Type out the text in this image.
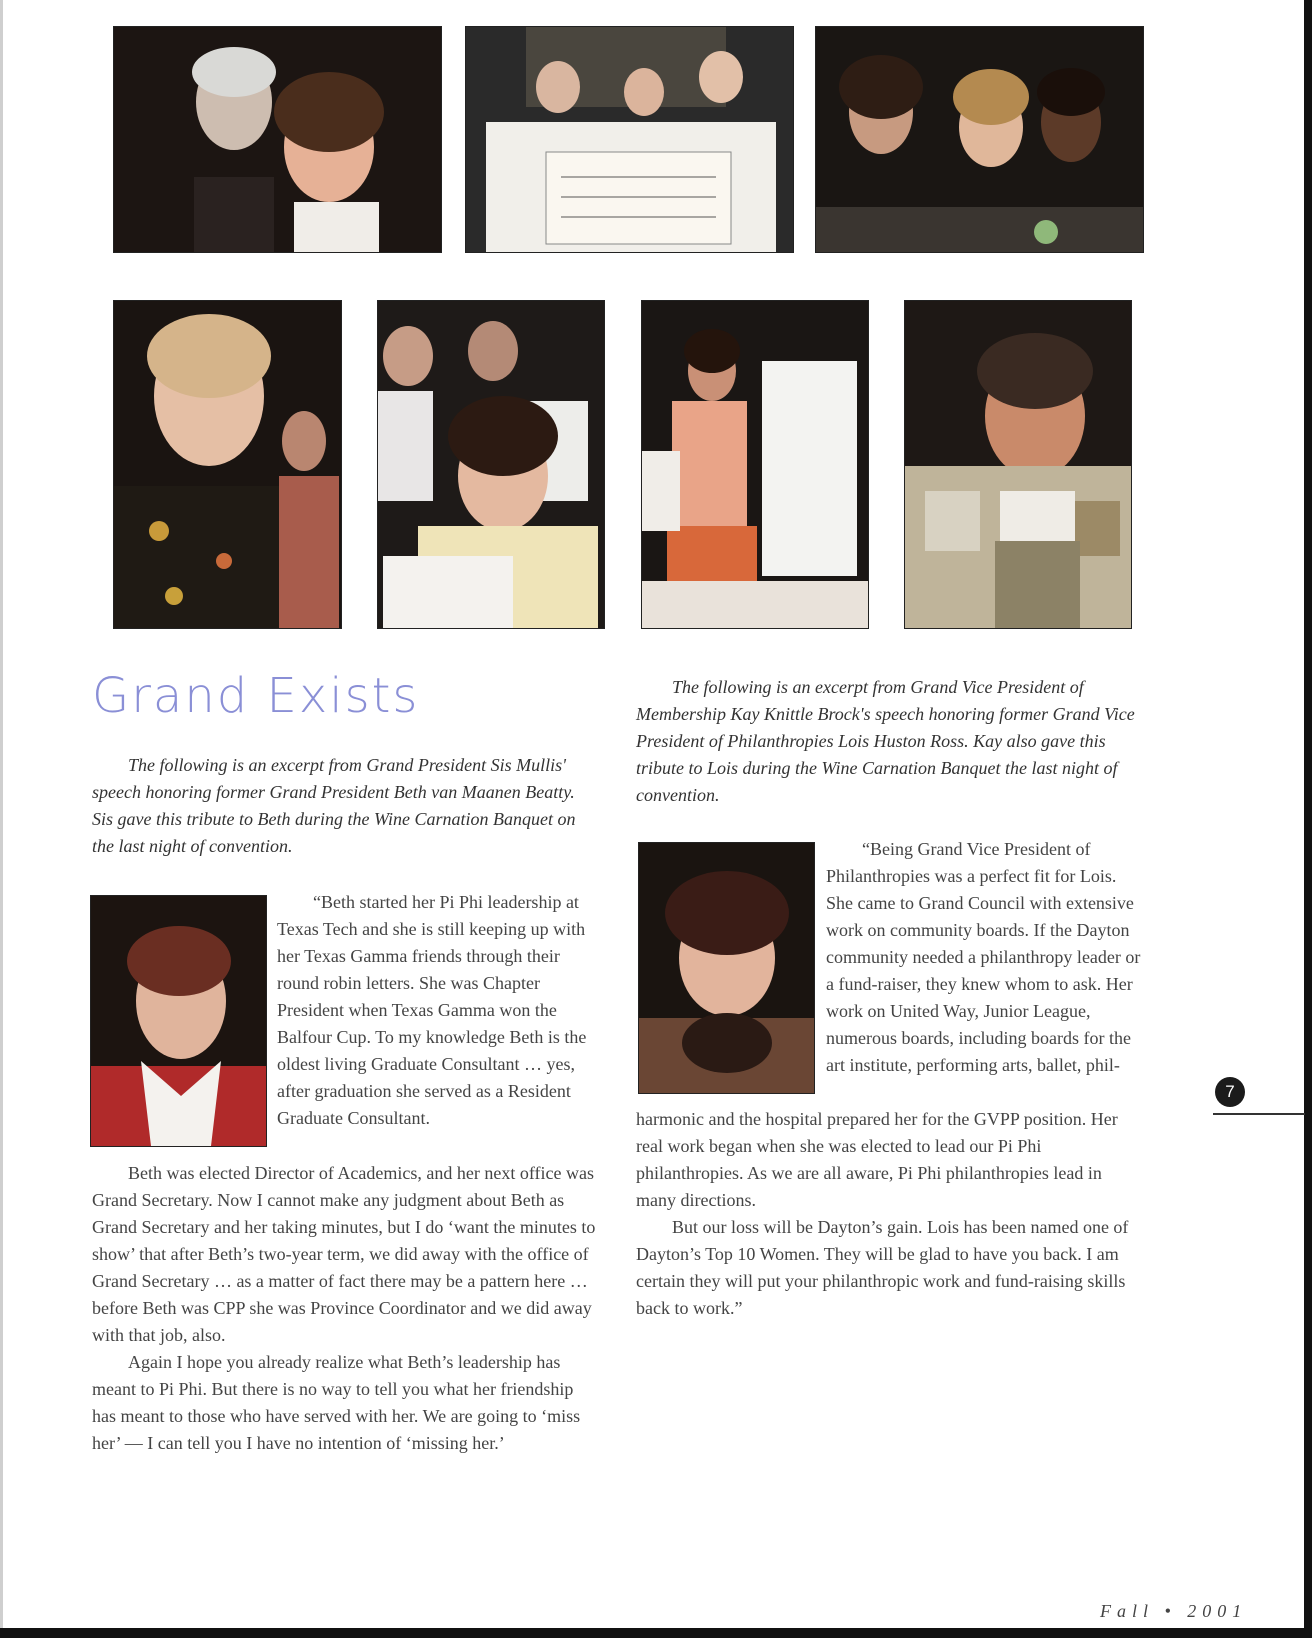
Grand Exists

The following is an excerpt from Grand President Sis Mullis' speech honoring former Grand President Beth van Maanen Beatty. Sis gave this tribute to Beth during the Wine Carnation Banquet on the last night of convention.

“Beth started her Pi Phi leadership at Texas Tech and she is still keeping up with her Texas Gamma friends through their round robin letters. She was Chapter President when Texas Gamma won the Balfour Cup. To my knowledge Beth is the oldest living Graduate Consultant … yes, after graduation she served as a Resident Graduate Consultant.

Beth was elected Director of Academics, and her next office was Grand Secretary. Now I cannot make any judgment about Beth as Grand Secretary and her taking minutes, but I do ‘want the minutes to show’ that after Beth’s two-year term, we did away with the office of Grand Secretary … as a matter of fact there may be a pattern here … before Beth was CPP she was Province Coordinator and we did away with that job, also.

Again I hope you already realize what Beth’s leadership has meant to Pi Phi. But there is no way to tell you what her friendship has meant to those who have served with her. We are going to ‘miss her’ — I can tell you I have no intention of ‘missing her.’

The following is an excerpt from Grand Vice President of Membership Kay Knittle Brock's speech honoring former Grand Vice President of Philanthropies Lois Huston Ross. Kay also gave this tribute to Lois during the Wine Carnation Banquet the last night of convention.

“Being Grand Vice President of Philanthropies was a perfect fit for Lois. She came to Grand Council with extensive work on community boards. If the Dayton community needed a philanthropy leader or a fund-raiser, they knew whom to ask. Her work on United Way, Junior League, numerous boards, including boards for the art institute, performing arts, ballet, phil-

harmonic and the hospital prepared her for the GVPP position. Her real work began when she was elected to lead our Pi Phi philanthropies. As we are all aware, Pi Phi philanthropies lead in many directions.

But our loss will be Dayton’s gain. Lois has been named one of Dayton’s Top 10 Women. They will be glad to have you back. I am certain they will put your philanthropic work and fund-raising skills back to work.”

7
Fall • 2001
